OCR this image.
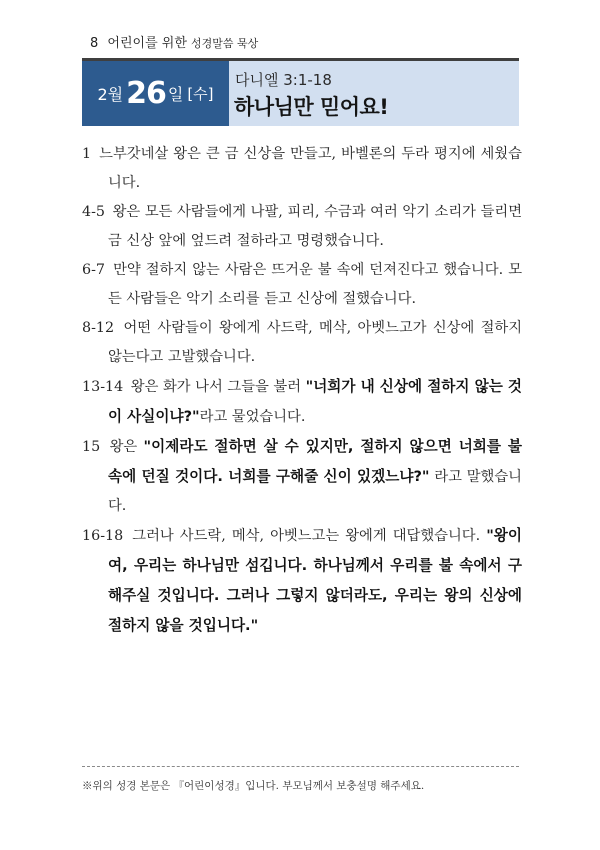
8 어린이를 위한 성경말씀 묵상
2월 26 일 [수]
다니엘 3:1-18
하나님만 믿어요!

1 느부갓네살 왕은 큰 금 신상을 만들고, 바벨론의 두라 평지에 세웠습니다.

4-5 왕은 모든 사람들에게 나팔, 피리, 수금과 여러 악기 소리가 들리면 금 신상 앞에 엎드려 절하라고 명령했습니다.

6-7 만약 절하지 않는 사람은 뜨거운 불 속에 던져진다고 했습니다. 모든 사람들은 악기 소리를 듣고 신상에 절했습니다.

8-12 어떤 사람들이 왕에게 사드락, 메삭, 아벳느고가 신상에 절하지 않는다고 고발했습니다.

13-14 왕은 화가 나서 그들을 불러 "너희가 내 신상에 절하지 않는 것이 사실이냐?"라고 물었습니다.

15 왕은 "이제라도 절하면 살 수 있지만, 절하지 않으면 너희를 불 속에 던질 것이다. 너희를 구해줄 신이 있겠느냐?" 라고 말했습니다.

16-18 그러나 사드락, 메삭, 아벳느고는 왕에게 대답했습니다. "왕이여, 우리는 하나님만 섬깁니다. 하나님께서 우리를 불 속에서 구해주실 것입니다. 그러나 그렇지 않더라도, 우리는 왕의 신상에 절하지 않을 것입니다."

※위의 성경 본문은 『어린이성경』입니다. 부모님께서 보충설명 해주세요.
